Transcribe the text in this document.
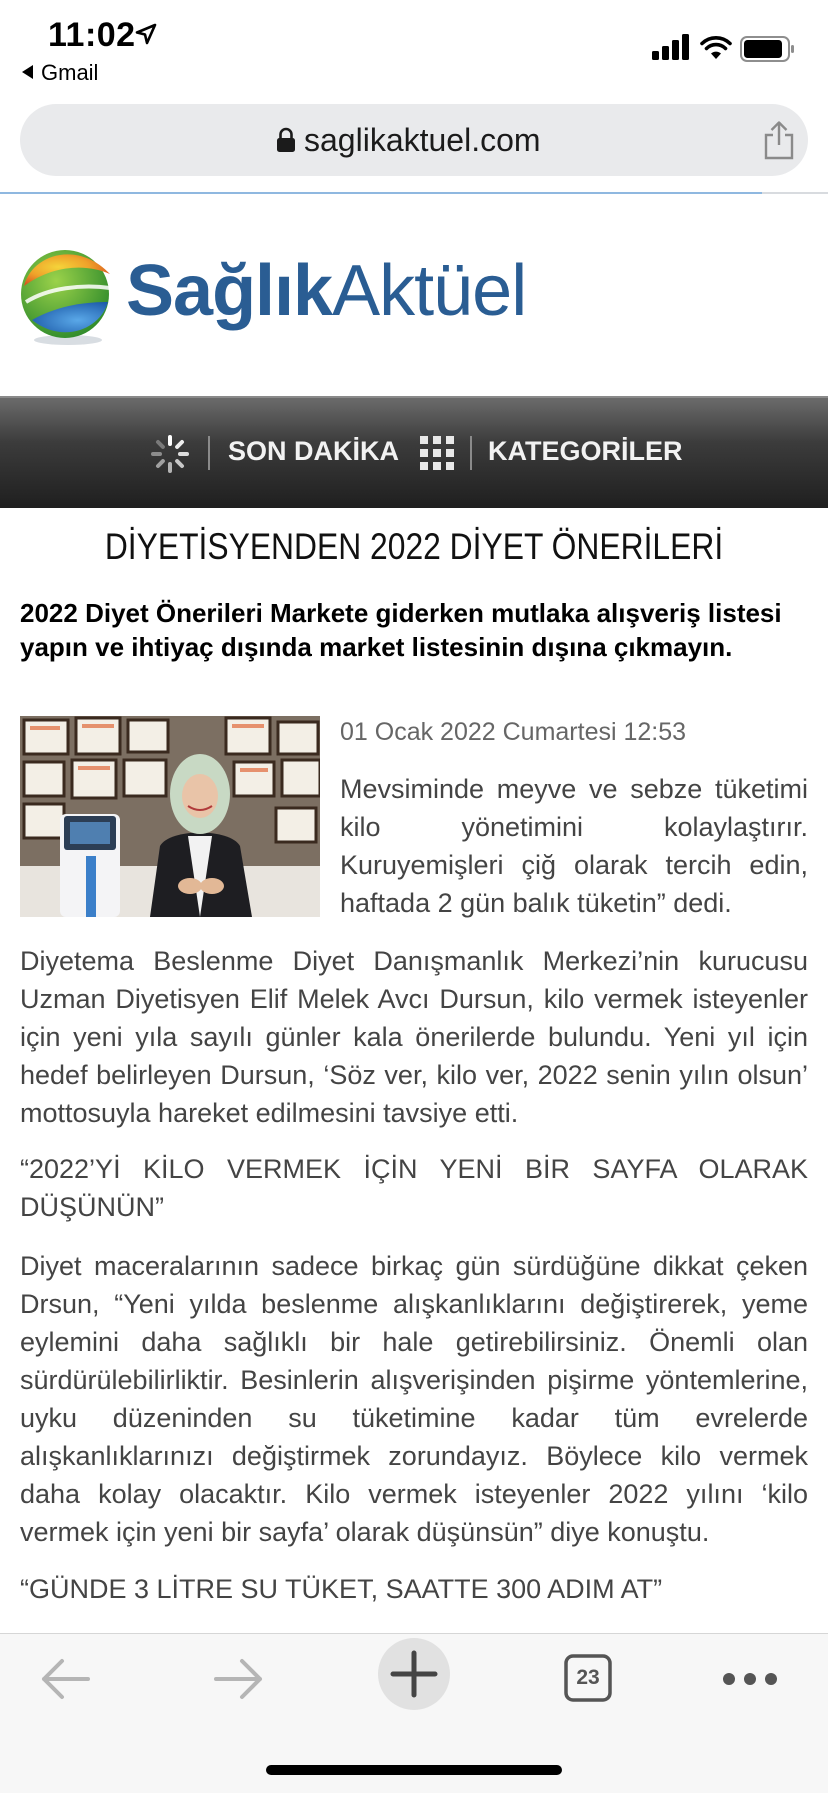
11:02
Gmail
saglikaktuel.com
SağlıkAktüel
SON DAKİKA	KATEGORİLER
DİYETİSYENDEN 2022 DİYET ÖNERİLERİ
2022 Diyet Önerileri Markete giderken mutlaka alışveriş listesi yapın ve ihtiyaç dışında market listesinin dışına çıkmayın.
01 Ocak 2022 Cumartesi 12:53
Mevsiminde meyve ve sebze tüketimi kilo yönetimini kolaylaştırır. Kuruyemişleri çiğ olarak tercih edin, haftada 2 gün balık tüketin” dedi.
Diyetema Beslenme Diyet Danışmanlık Merkezi’nin kurucusu Uzman Diyetisyen Elif Melek Avcı Dursun, kilo vermek isteyenler için yeni yıla sayılı günler kala önerilerde bulundu. Yeni yıl için hedef belirleyen Dursun, ‘Söz ver, kilo ver, 2022 senin yılın olsun’ mottosuyla hareket edilmesini tavsiye etti.
“2022’Yİ KİLO VERMEK İÇİN YENİ BİR SAYFA OLARAK DÜŞÜNÜN”
Diyet maceralarının sadece birkaç gün sürdüğüne dikkat çeken Drsun, “Yeni yılda beslenme alışkanlıklarını değiştirerek, yeme eylemini daha sağlıklı bir hale getirebilirsiniz. Önemli olan sürdürülebilirliktir. Besinlerin alışverişinden pişirme yöntemlerine, uyku düzeninden su tüketimine kadar tüm evrelerde alışkanlıklarınızı değiştirmek zorundayız. Böylece kilo vermek daha kolay olacaktır. Kilo vermek isteyenler 2022 yılını ‘kilo vermek için yeni bir sayfa’ olarak düşünsün” diye konuştu.
“GÜNDE 3 LİTRE SU TÜKET, SAATTE 300 ADIM AT”
23
